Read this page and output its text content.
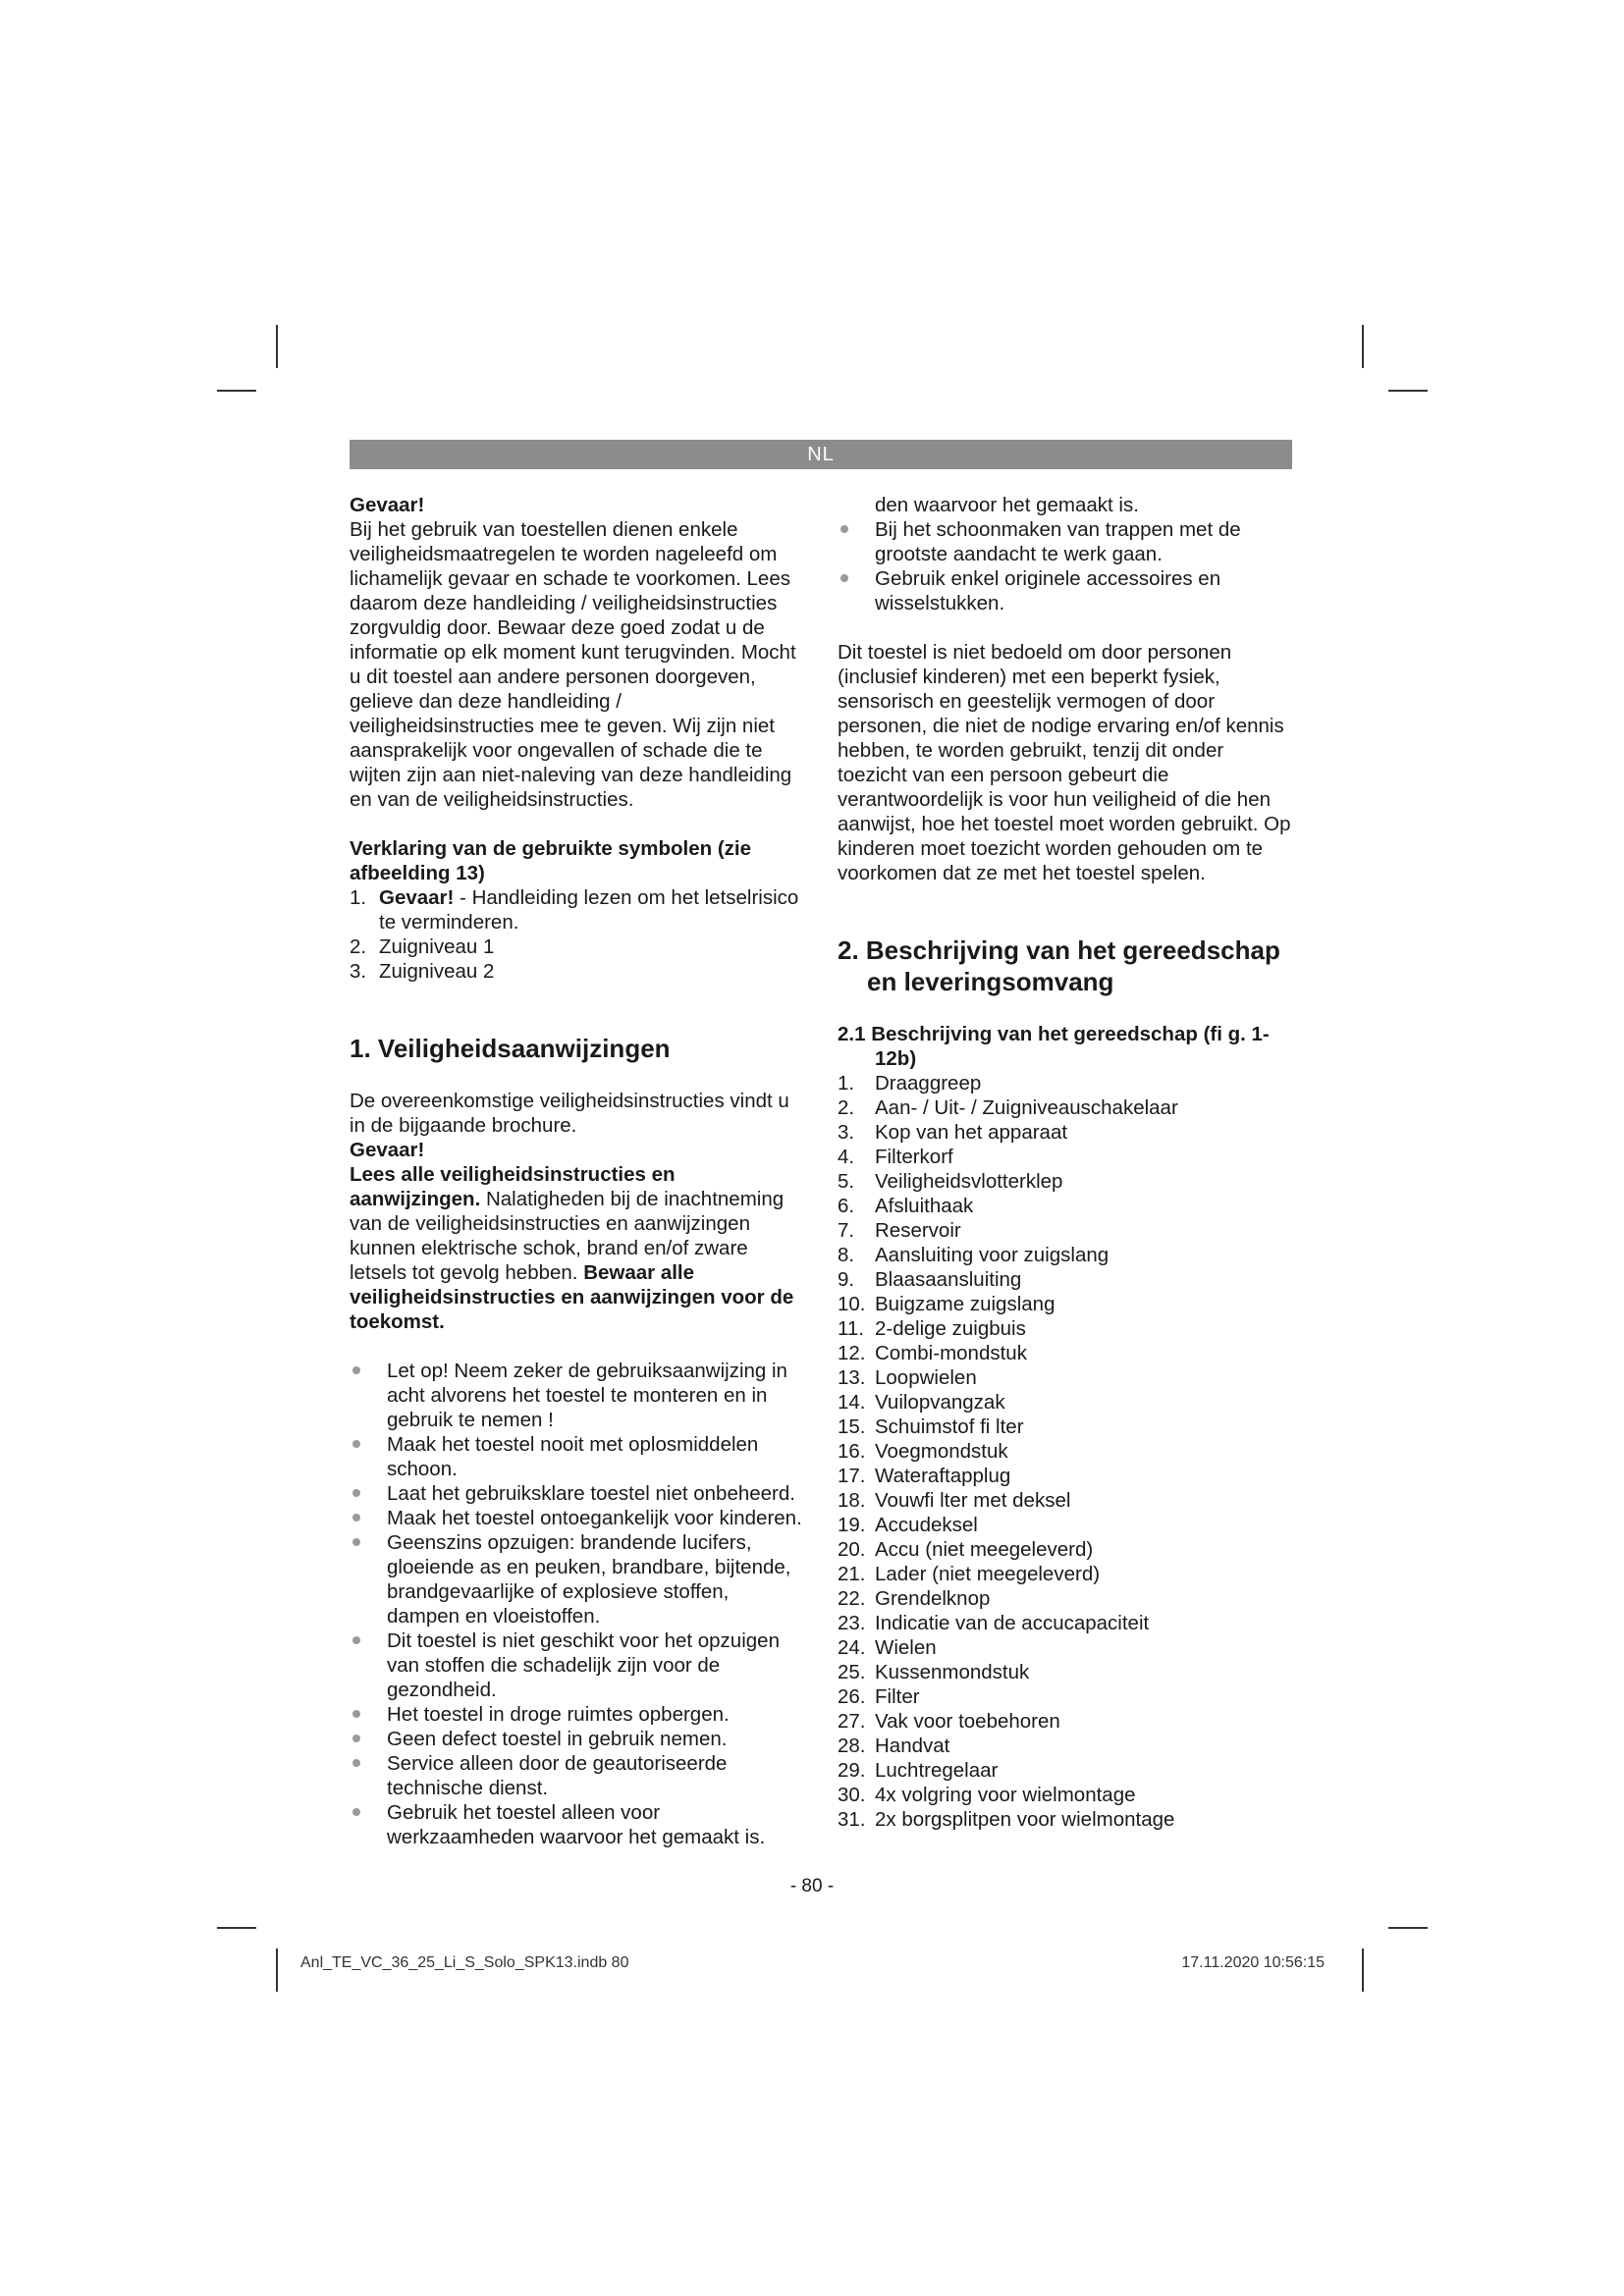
NL

Gevaar!

Bij het gebruik van toestellen dienen enkele veiligheidsmaatregelen te worden nageleefd om lichamelijk gevaar en schade te voorkomen. Lees daarom deze handleiding / veiligheidsinstructies zorgvuldig door. Bewaar deze goed zodat u de informatie op elk moment kunt terugvinden. Mocht u dit toestel aan andere personen doorgeven, gelieve dan deze handleiding / veiligheidsinstructies mee te geven. Wij zijn niet aansprakelijk voor ongevallen of schade die te wijten zijn aan niet-naleving van deze handleiding en van de veiligheidsinstructies.

Verklaring van de gebruikte symbolen (zie afbeelding 13)
1. Gevaar! - Handleiding lezen om het letselrisico te verminderen.
2. Zuigniveau 1
3. Zuigniveau 2
1. Veiligheidsaanwijzingen

De overeenkomstige veiligheidsinstructies vindt u in de bijgaande brochure.

Gevaar!

Lees alle veiligheidsinstructies en aanwijzingen. Nalatigheden bij de inachtneming van de veiligheidsinstructies en aanwijzingen kunnen elektrische schok, brand en/of zware letsels tot gevolg hebben. Bewaar alle veiligheidsinstructies en aanwijzingen voor de toekomst.

Let op! Neem zeker de gebruiksaanwijzing in acht alvorens het toestel te monteren en in gebruik te nemen !
Maak het toestel nooit met oplosmiddelen schoon.
Laat het gebruiksklare toestel niet onbeheerd.
Maak het toestel ontoegankelijk voor kinderen.
Geenszins opzuigen: brandende lucifers, gloeiende as en peuken, brandbare, bijtende, brandgevaarlijke of explosieve stoffen, dampen en vloeistoffen.
Dit toestel is niet geschikt voor het opzuigen van stoffen die schadelijk zijn voor de gezondheid.
Het toestel in droge ruimtes opbergen.
Geen defect toestel in gebruik nemen.
Service alleen door de geautoriseerde technische dienst.
Gebruik het toestel alleen voor werkzaamheden waarvoor het gemaakt is.
den waarvoor het gemaakt is.
Bij het schoonmaken van trappen met de grootste aandacht te werk gaan.
Gebruik enkel originele accessoires en wisselstukken.

Dit toestel is niet bedoeld om door personen (inclusief kinderen) met een beperkt fysiek, sensorisch en geestelijk vermogen of door personen, die niet de nodige ervaring en/of kennis hebben, te worden gebruikt, tenzij dit onder toezicht van een persoon gebeurt die verantwoordelijk is voor hun veiligheid of die hen aanwijst, hoe het toestel moet worden gebruikt. Op kinderen moet toezicht worden gehouden om te voorkomen dat ze met het toestel spelen.

2. Beschrijving van het gereedschap en leveringsomvang
2.1 Beschrijving van het gereedschap (fi g. 1-12b)
1.	Draaggreep
2.	Aan- / Uit- / Zuigniveauschakelaar
3.	Kop van het apparaat
4.	Filterkorf
5.	Veiligheidsvlotterklep
6.	Afsluithaak
7.	Reservoir
8.	Aansluiting voor zuigslang
9.	Blaasaansluiting
10. Buigzame zuigslang
11. 2-delige zuigbuis
12. Combi-mondstuk
13. Loopwielen
14. Vuilopvangzak
15. Schuimstof fi lter
16. Voegmondstuk
17. Wateraftapplug
18. Vouwfi lter met deksel
19. Accudeksel
20. Accu (niet meegeleverd)
21. Lader (niet meegeleverd)
22. Grendelknop
23. Indicatie van de accucapaciteit
24. Wielen
25. Kussenmondstuk
26. Filter
27. Vak voor toebehoren
28. Handvat
29. Luchtregelaar
30. 4x volgring voor wielmontage
31. 2x borgsplitpen voor wielmontage
- 80 -
Anl_TE_VC_36_25_Li_S_Solo_SPK13.indb 80	17.11.2020 10:56:15
